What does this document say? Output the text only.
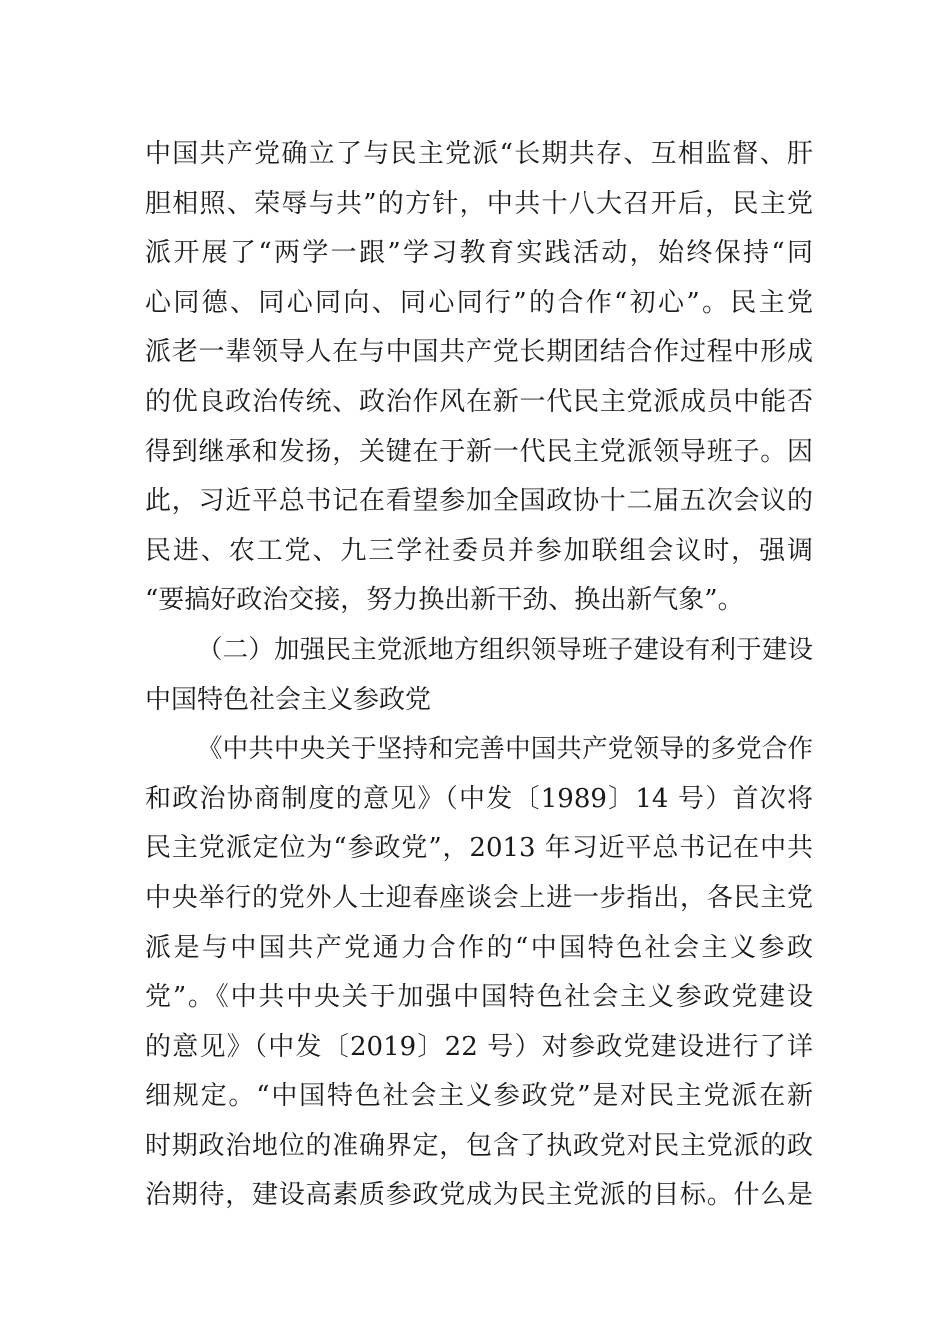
中国共产党确立了与民主党派“长期共存、互相监督、肝
胆相照、荣辱与共”的方针，中共十八大召开后，民主党
派开展了“两学一跟”学习教育实践活动，始终保持“同
心同德、同心同向、同心同行”的合作“初心”。民主党
派老一辈领导人在与中国共产党长期团结合作过程中形成
的优良政治传统、政治作风在新一代民主党派成员中能否
得到继承和发扬，关键在于新一代民主党派领导班子。因
此，习近平总书记在看望参加全国政协十二届五次会议的
民进、农工党、九三学社委员并参加联组会议时，强调
“要搞好政治交接，努力换出新干劲、换出新气象”。
（二）加强民主党派地方组织领导班子建设有利于建设
中国特色社会主义参政党
《中共中央关于坚持和完善中国共产党领导的多党合作
和政治协商制度的意见》（中发〔1989〕14 号）首次将
民主党派定位为“参政党”，2013 年习近平总书记在中共
中央举行的党外人士迎春座谈会上进一步指出，各民主党
派是与中国共产党通力合作的“中国特色社会主义参政
党”。《中共中央关于加强中国特色社会主义参政党建设
的意见》（中发〔2019〕22 号）对参政党建设进行了详
细规定。“中国特色社会主义参政党”是对民主党派在新
时期政治地位的准确界定，包含了执政党对民主党派的政
治期待，建设高素质参政党成为民主党派的目标。什么是
